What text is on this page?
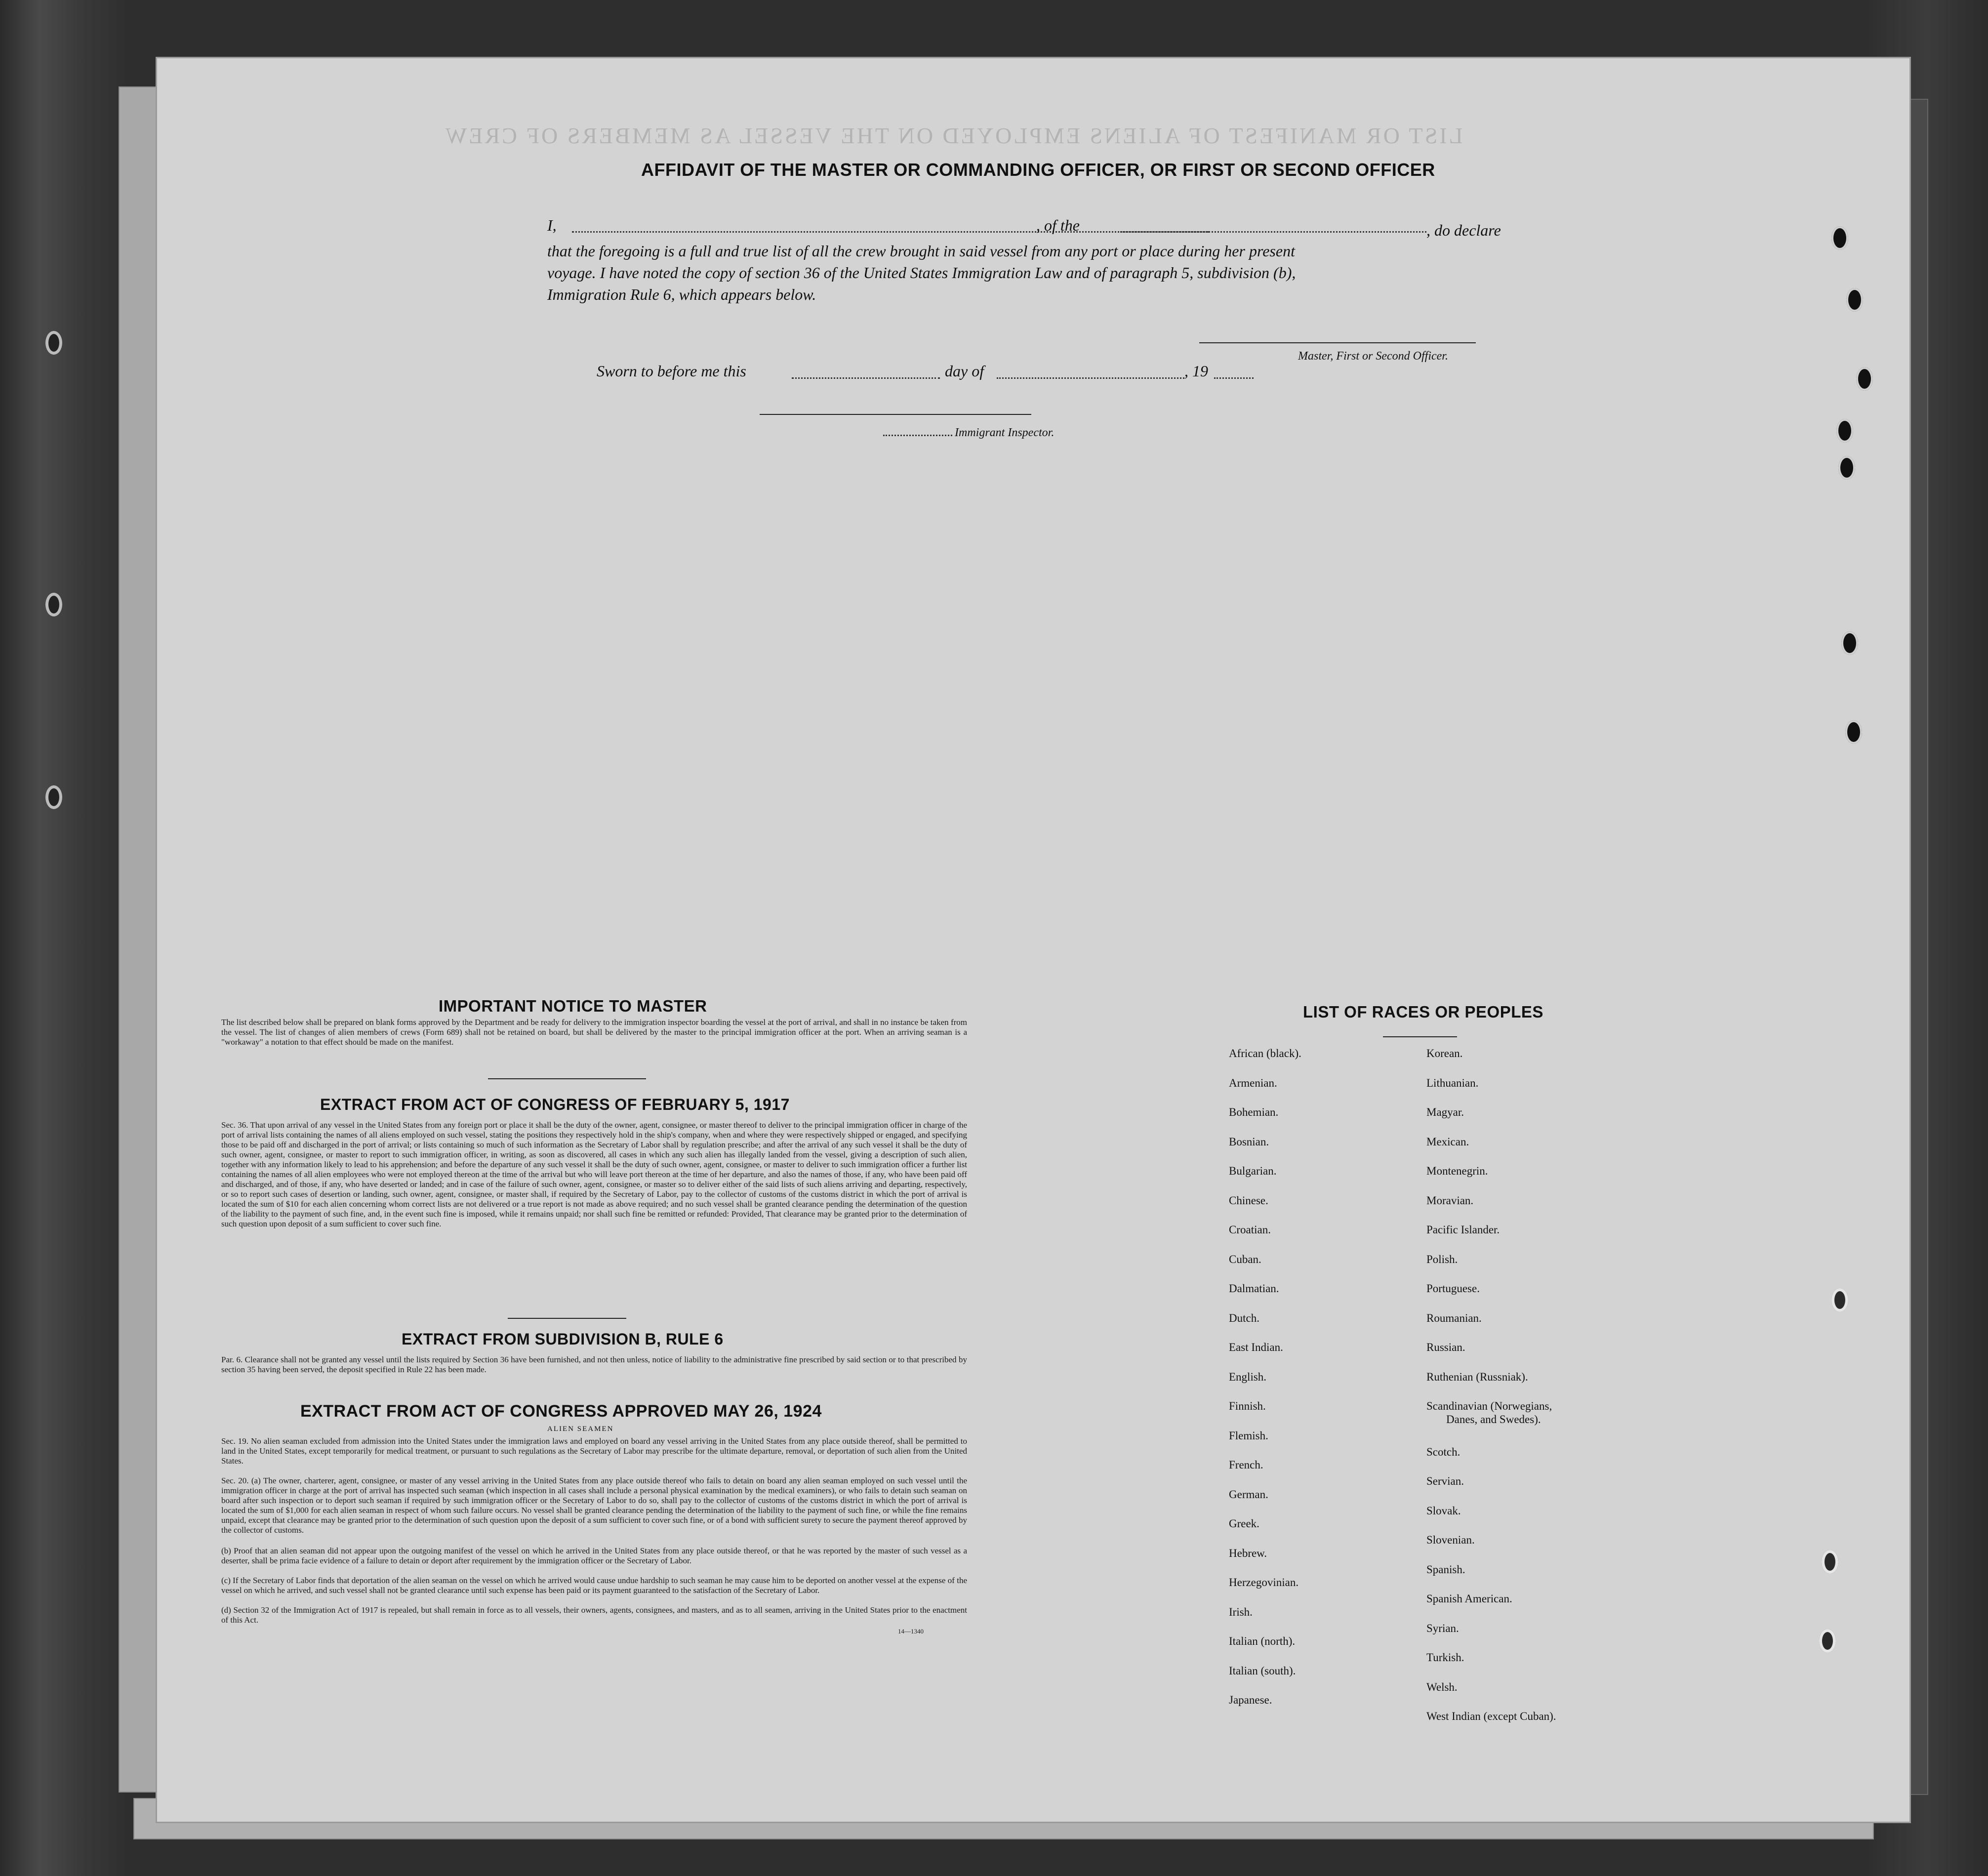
LIST OR MANIFEST OF ALIENS EMPLOYED ON THE VESSEL AS MEMBERS OF CREW
AFFIDAVIT OF THE MASTER OR COMMANDING OFFICER, OR FIRST OR SECOND OFFICER
I,	, of the	, do declare
that the foregoing is a full and true list of all the crew brought in said vessel from any port or place during her present
voyage. I have noted the copy of section 36 of the United States Immigration Law and of paragraph 5, subdivision (b),
Immigration Rule 6, which appears below.
Master, First or Second Officer.
Sworn to before me this	day of	, 19
Immigrant Inspector.
IMPORTANT NOTICE TO MASTER
The list described below shall be prepared on blank forms approved by the Department and be ready for delivery to the immigration inspector boarding the vessel at the port of arrival, and shall in no instance be taken from the vessel. The list of changes of alien members of crews (Form 689) shall not be retained on board, but shall be delivered by the master to the principal immigration officer at the port. When an arriving seaman is a "workaway" a notation to that effect should be made on the manifest.
EXTRACT FROM ACT OF CONGRESS OF FEBRUARY 5, 1917
Sec. 36. That upon arrival of any vessel in the United States from any foreign port or place it shall be the duty of the owner, agent, consignee, or master thereof to deliver to the principal immigration officer in charge of the port of arrival lists containing the names of all aliens employed on such vessel, stating the positions they respectively hold in the ship's company, when and where they were respectively shipped or engaged, and specifying those to be paid off and discharged in the port of arrival; or lists containing so much of such information as the Secretary of Labor shall by regulation prescribe; and after the arrival of any such vessel it shall be the duty of such owner, agent, consignee, or master to report to such immigration officer, in writing, as soon as discovered, all cases in which any such alien has illegally landed from the vessel, giving a description of such alien, together with any information likely to lead to his apprehension; and before the departure of any such vessel it shall be the duty of such owner, agent, consignee, or master to deliver to such immigration officer a further list containing the names of all alien employees who were not employed thereon at the time of the arrival but who will leave port thereon at the time of her departure, and also the names of those, if any, who have been paid off and discharged, and of those, if any, who have deserted or landed; and in case of the failure of such owner, agent, consignee, or master so to deliver either of the said lists of such aliens arriving and departing, respectively, or so to report such cases of desertion or landing, such owner, agent, consignee, or master shall, if required by the Secretary of Labor, pay to the collector of customs of the customs district in which the port of arrival is located the sum of $10 for each alien concerning whom correct lists are not delivered or a true report is not made as above required; and no such vessel shall be granted clearance pending the determination of the question of the liability to the payment of such fine, and, in the event such fine is imposed, while it remains unpaid; nor shall such fine be remitted or refunded: Provided, That clearance may be granted prior to the determination of such question upon deposit of a sum sufficient to cover such fine.
EXTRACT FROM SUBDIVISION B, RULE 6
Par. 6. Clearance shall not be granted any vessel until the lists required by Section 36 have been furnished, and not then unless, notice of liability to the administrative fine prescribed by said section or to that prescribed by section 35 having been served, the deposit specified in Rule 22 has been made.
EXTRACT FROM ACT OF CONGRESS APPROVED MAY 26, 1924
ALIEN SEAMEN
Sec. 19. No alien seaman excluded from admission into the United States under the immigration laws and employed on board any vessel arriving in the United States from any place outside thereof, shall be permitted to land in the United States, except temporarily for medical treatment, or pursuant to such regulations as the Secretary of Labor may prescribe for the ultimate departure, removal, or deportation of such alien from the United States.
Sec. 20. (a) The owner, charterer, agent, consignee, or master of any vessel arriving in the United States from any place outside thereof who fails to detain on board any alien seaman employed on such vessel until the immigration officer in charge at the port of arrival has inspected such seaman (which inspection in all cases shall include a personal physical examination by the medical examiners), or who fails to detain such seaman on board after such inspection or to deport such seaman if required by such immigration officer or the Secretary of Labor to do so, shall pay to the collector of customs of the customs district in which the port of arrival is located the sum of $1,000 for each alien seaman in respect of whom such failure occurs. No vessel shall be granted clearance pending the determination of the liability to the payment of such fine, or while the fine remains unpaid, except that clearance may be granted prior to the determination of such question upon the deposit of a sum sufficient to cover such fine, or of a bond with sufficient surety to secure the payment thereof approved by the collector of customs.
(b) Proof that an alien seaman did not appear upon the outgoing manifest of the vessel on which he arrived in the United States from any place outside thereof, or that he was reported by the master of such vessel as a deserter, shall be prima facie evidence of a failure to detain or deport after requirement by the immigration officer or the Secretary of Labor.
(c) If the Secretary of Labor finds that deportation of the alien seaman on the vessel on which he arrived would cause undue hardship to such seaman he may cause him to be deported on another vessel at the expense of the vessel on which he arrived, and such vessel shall not be granted clearance until such expense has been paid or its payment guaranteed to the satisfaction of the Secretary of Labor.
(d) Section 32 of the Immigration Act of 1917 is repealed, but shall remain in force as to all vessels, their owners, agents, consignees, and masters, and as to all seamen, arriving in the United States prior to the enactment of this Act.
14—1340
LIST OF RACES OR PEOPLES
African (black).
Armenian.
Bohemian.
Bosnian.
Bulgarian.
Chinese.
Croatian.
Cuban.
Dalmatian.
Dutch.
East Indian.
English.
Finnish.
Flemish.
French.
German.
Greek.
Hebrew.
Herzegovinian.
Irish.
Italian (north).
Italian (south).
Japanese.
Korean.
Lithuanian.
Magyar.
Mexican.
Montenegrin.
Moravian.
Pacific Islander.
Polish.
Portuguese.
Roumanian.
Russian.
Ruthenian (Russniak).
Scandinavian (Norwegians,
Danes, and Swedes).
Scotch.
Servian.
Slovak.
Slovenian.
Spanish.
Spanish American.
Syrian.
Turkish.
Welsh.
West Indian (except Cuban).
